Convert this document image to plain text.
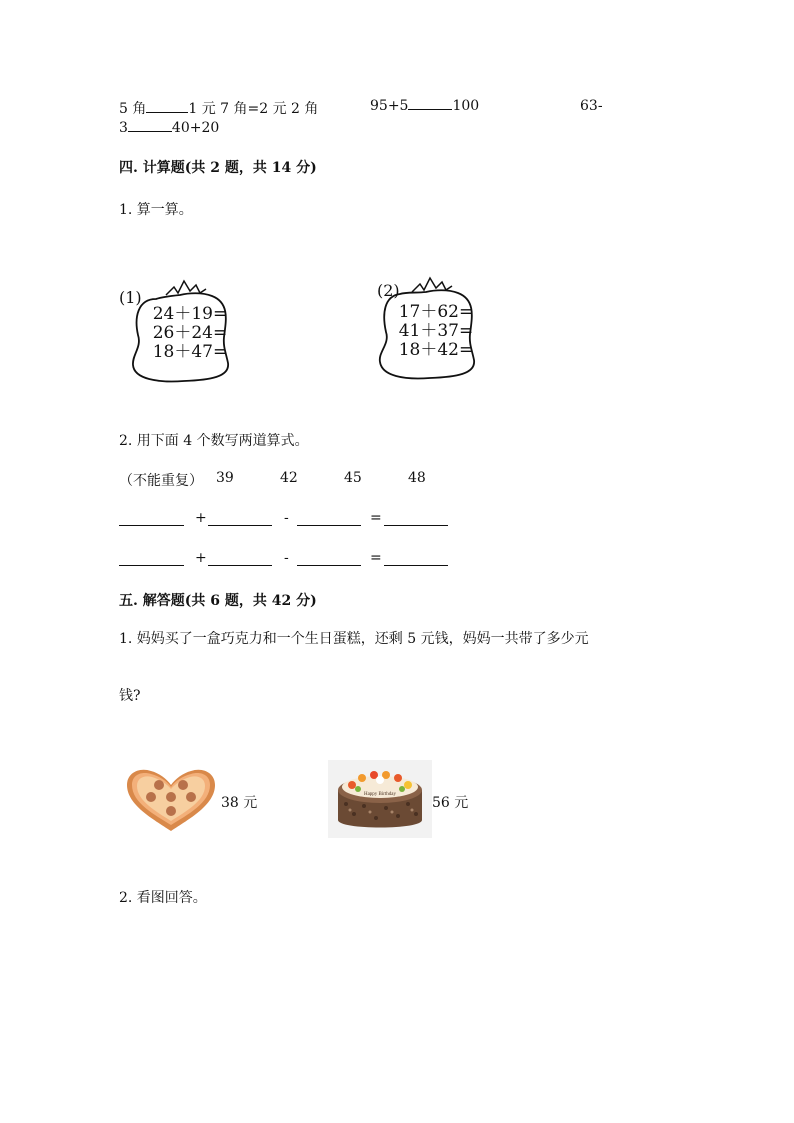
5 角	1 元 7 角=2 元 2 角	95+5	100	63-
3	40+20
四. 计算题(共 2 题，共 14 分)
1. 算一算。
(1)
24＋19=
26＋24=
18＋47=
(2)
17＋62=
41＋37=
18＋42=
2. 用下面 4 个数写两道算式。
（不能重复） 39	42	45	48
+	-	=
+	-	=
五. 解答题(共 6 题，共 42 分)
1. 妈妈买了一盒巧克力和一个生日蛋糕，还剩 5 元钱，妈妈一共带了多少元
钱?
38 元
Happy Birthday
56 元
2. 看图回答。
